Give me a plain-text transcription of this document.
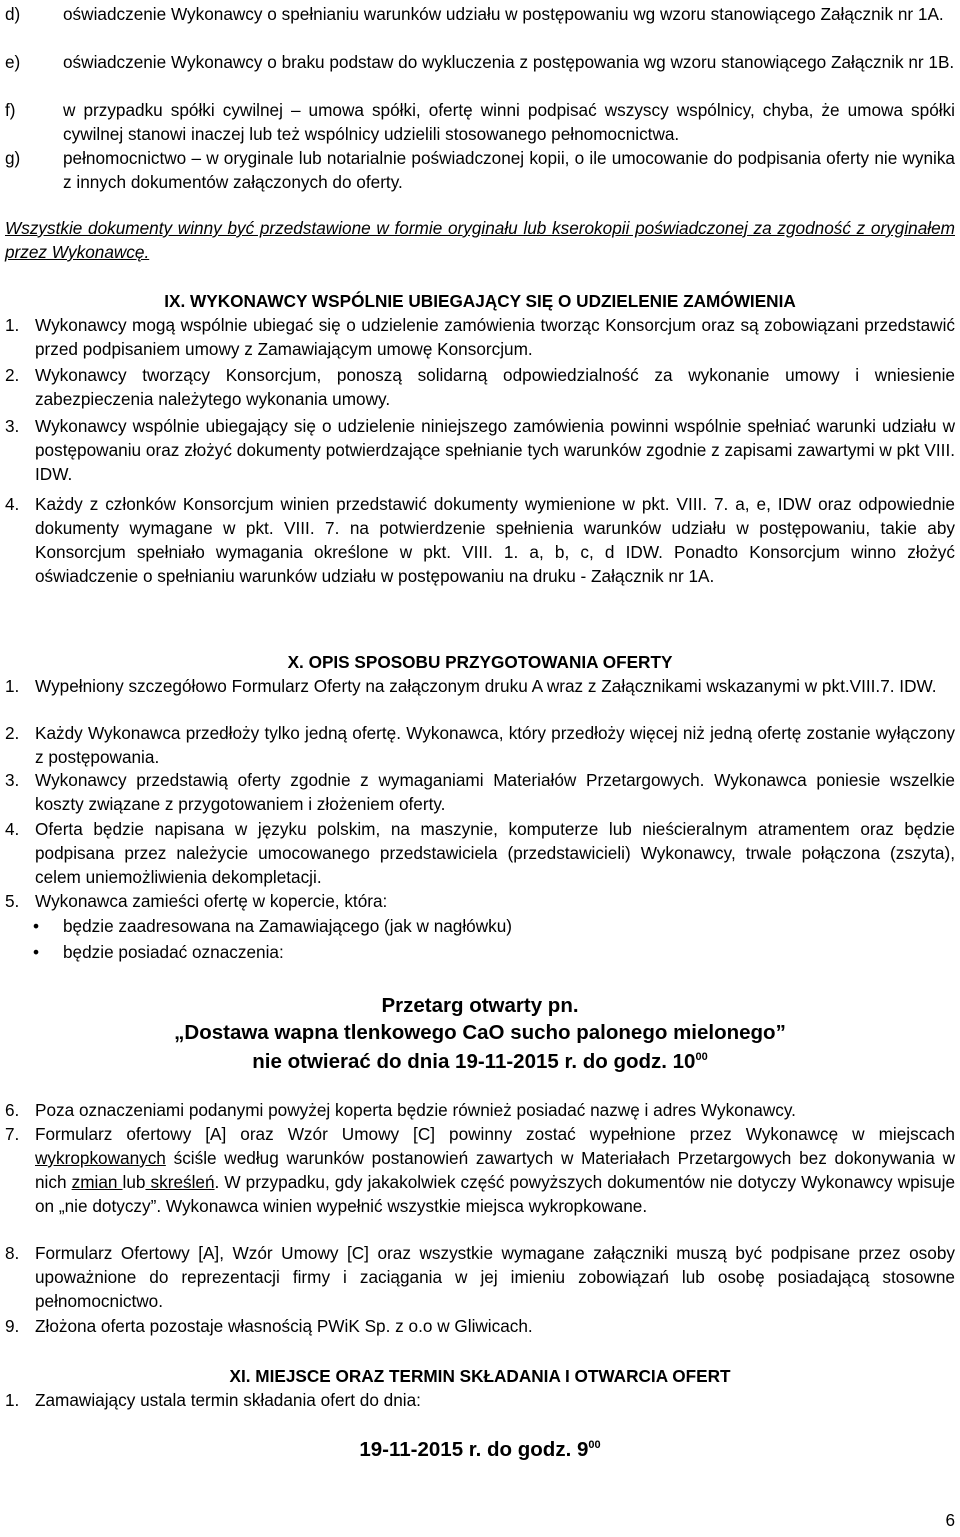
d) oświadczenie Wykonawcy o spełnianiu warunków udziału w postępowaniu wg wzoru stanowiącego Załącznik nr 1A.
e) oświadczenie Wykonawcy o braku podstaw do wykluczenia z postępowania wg wzoru stanowiącego Załącznik nr 1B.
f)	w przypadku spółki cywilnej – umowa spółki, ofertę winni podpisać wszyscy wspólnicy, chyba, że umowa spółki cywilnej stanowi inaczej lub też wspólnicy udzielili stosowanego pełnomocnictwa.
g) pełnomocnictwo – w oryginale lub notarialnie poświadczonej kopii, o ile umocowanie do podpisania oferty nie wynika z innych dokumentów załączonych do oferty.
Wszystkie dokumenty winny być przedstawione w formie oryginału lub kserokopii poświadczonej za zgodność z oryginałem przez Wykonawcę.
IX. WYKONAWCY WSPÓLNIE UBIEGAJĄCY SIĘ O UDZIELENIE ZAMÓWIENIA
1. Wykonawcy mogą wspólnie ubiegać się o udzielenie zamówienia tworząc Konsorcjum oraz są zobowiązani przedstawić przed podpisaniem umowy z Zamawiającym umowę Konsorcjum.
2. Wykonawcy tworzący Konsorcjum, ponoszą solidarną odpowiedzialność za wykonanie umowy i wniesienie zabezpieczenia należytego wykonania umowy.
3. Wykonawcy wspólnie ubiegający się o udzielenie niniejszego zamówienia powinni wspólnie spełniać warunki udziału w postępowaniu oraz złożyć dokumenty potwierdzające spełnianie tych warunków zgodnie z zapisami zawartymi w pkt VIII. IDW.
4. Każdy z członków Konsorcjum winien przedstawić dokumenty wymienione w pkt. VIII. 7. a, e, IDW oraz odpowiednie dokumenty wymagane w pkt. VIII. 7. na potwierdzenie spełnienia warunków udziału w postępowaniu, takie aby Konsorcjum spełniało wymagania określone w pkt. VIII. 1. a, b, c, d IDW. Ponadto Konsorcjum winno złożyć oświadczenie o spełnianiu warunków udziału w postępowaniu na druku - Załącznik nr 1A.
X. OPIS SPOSOBU PRZYGOTOWANIA OFERTY
1. Wypełniony szczegółowo Formularz Oferty na załączonym druku A wraz z Załącznikami wskazanymi w pkt.VIII.7. IDW.
2. Każdy Wykonawca przedłoży tylko jedną ofertę. Wykonawca, który przedłoży więcej niż jedną ofertę zostanie wyłączony z postępowania.
3. Wykonawcy przedstawią oferty zgodnie z wymaganiami Materiałów Przetargowych. Wykonawca poniesie wszelkie koszty związane z przygotowaniem i złożeniem oferty.
4. Oferta będzie napisana w języku polskim, na maszynie, komputerze lub nieścieralnym atramentem oraz będzie podpisana przez należycie umocowanego przedstawiciela (przedstawicieli) Wykonawcy, trwale połączona (zszyta), celem uniemożliwienia dekompletacji.
5. Wykonawca zamieści ofertę w kopercie, która:
• będzie zaadresowana na Zamawiającego (jak w nagłówku)
• będzie posiadać oznaczenia:
Przetarg otwarty pn.
„Dostawa wapna tlenkowego CaO sucho palonego mielonego”
nie otwierać do dnia 19-11-2015 r. do godz. $10^{00}$
6. Poza oznaczeniami podanymi powyżej koperta będzie również posiadać nazwę i adres Wykonawcy.
7. Formularz ofertowy [A] oraz Wzór Umowy [C] powinny zostać wypełnione przez Wykonawcę w miejscach wykropkowanych ściśle według warunków postanowień zawartych w Materiałach Przetargowych bez dokonywania w nich zmian lub skreśleń. W przypadku, gdy jakakolwiek część powyższych dokumentów nie dotyczy Wykonawcy wpisuje on „nie dotyczy”. Wykonawca winien wypełnić wszystkie miejsca wykropkowane.
8. Formularz Ofertowy [A], Wzór Umowy [C] oraz wszystkie wymagane załączniki muszą być podpisane przez osoby upoważnione do reprezentacji firmy i zaciągania w jej imieniu zobowiązań lub osobę posiadającą stosowne pełnomocnictwo.
9. Złożona oferta pozostaje własnością PWiK Sp. z o.o w Gliwicach.
XI. MIEJSCE ORAZ TERMIN SKŁADANIA I OTWARCIA OFERT
1. Zamawiający ustala termin składania ofert do dnia:
19-11-2015 r. do godz. $9^{00}$
6
